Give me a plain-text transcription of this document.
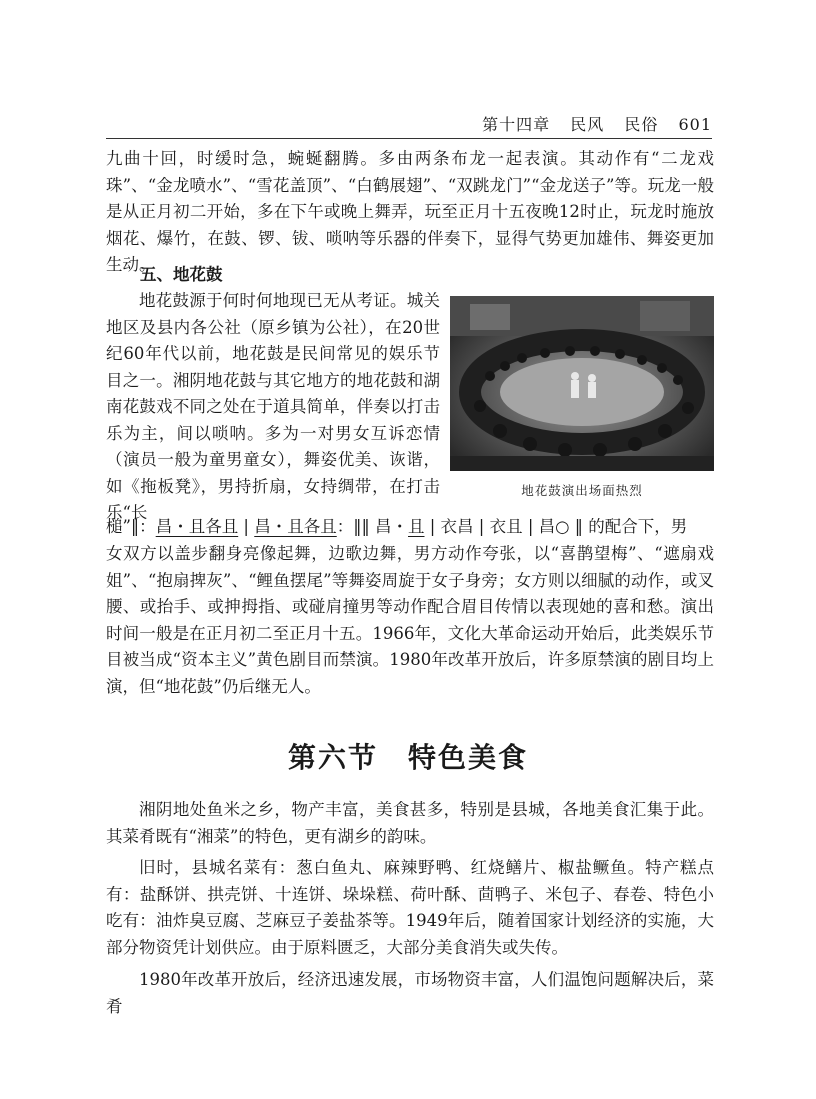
第十四章 民风 民俗 601

九曲十回，时缓时急，蜿蜒翻腾。多由两条布龙一起表演。其动作有“二龙戏珠”、“金龙喷水”、“雪花盖顶”、“白鹤展翅”、“双跳龙门”“金龙送子”等。玩龙一般是从正月初二开始，多在下午或晚上舞弄，玩至正月十五夜晚12时止，玩龙时施放烟花、爆竹，在鼓、锣、钹、唢呐等乐器的伴奏下，显得气势更加雄伟、舞姿更加生动。

五、地花鼓

地花鼓源于何时何地现已无从考证。城关地区及县内各公社（原乡镇为公社），在20世纪60年代以前，地花鼓是民间常见的娱乐节目之一。湘阴地花鼓与其它地方的地花鼓和湖南花鼓戏不同之处在于道具简单，伴奏以打击乐为主，间以唢呐。多为一对男女互诉恋情（演员一般为童男童女），舞姿优美、诙谐，如《拖板凳》，男持折扇，女持绸带，在打击乐“长

地花鼓演出场面热烈

槌”‖：昌・且各且 | 昌・且各且：‖‖ 昌・且 | 衣昌 | 衣且 | 昌○ ‖ 的配合下，男

女双方以盖步翻身亮像起舞，边歌边舞，男方动作夸张，以“喜鹊望梅”、“遮扇戏姐”、“抱扇捭灰”、“鲤鱼摆尾”等舞姿周旋于女子身旁；女方则以细腻的动作，或叉腰、或抬手、或抻拇指、或碰肩撞男等动作配合眉目传情以表现她的喜和愁。演出时间一般是在正月初二至正月十五。1966年，文化大革命运动开始后，此类娱乐节目被当成“资本主义”黄色剧目而禁演。1980年改革开放后，许多原禁演的剧目均上演，但“地花鼓”仍后继无人。

第六节　特色美食

湘阴地处鱼米之乡，物产丰富，美食甚多，特别是县城，各地美食汇集于此。其菜肴既有“湘菜”的特色，更有湖乡的韵味。

旧时，县城名菜有：葱白鱼丸、麻辣野鸭、红烧鳝片、椒盐鳜鱼。特产糕点有：盐酥饼、拱壳饼、十连饼、垛垛糕、荷叶酥、茴鸭子、米包子、春卷、特色小吃有：油炸臭豆腐、芝麻豆子姜盐茶等。1949年后，随着国家计划经济的实施，大部分物资凭计划供应。由于原料匮乏，大部分美食消失或失传。

1980年改革开放后，经济迅速发展，市场物资丰富，人们温饱问题解决后，菜肴
